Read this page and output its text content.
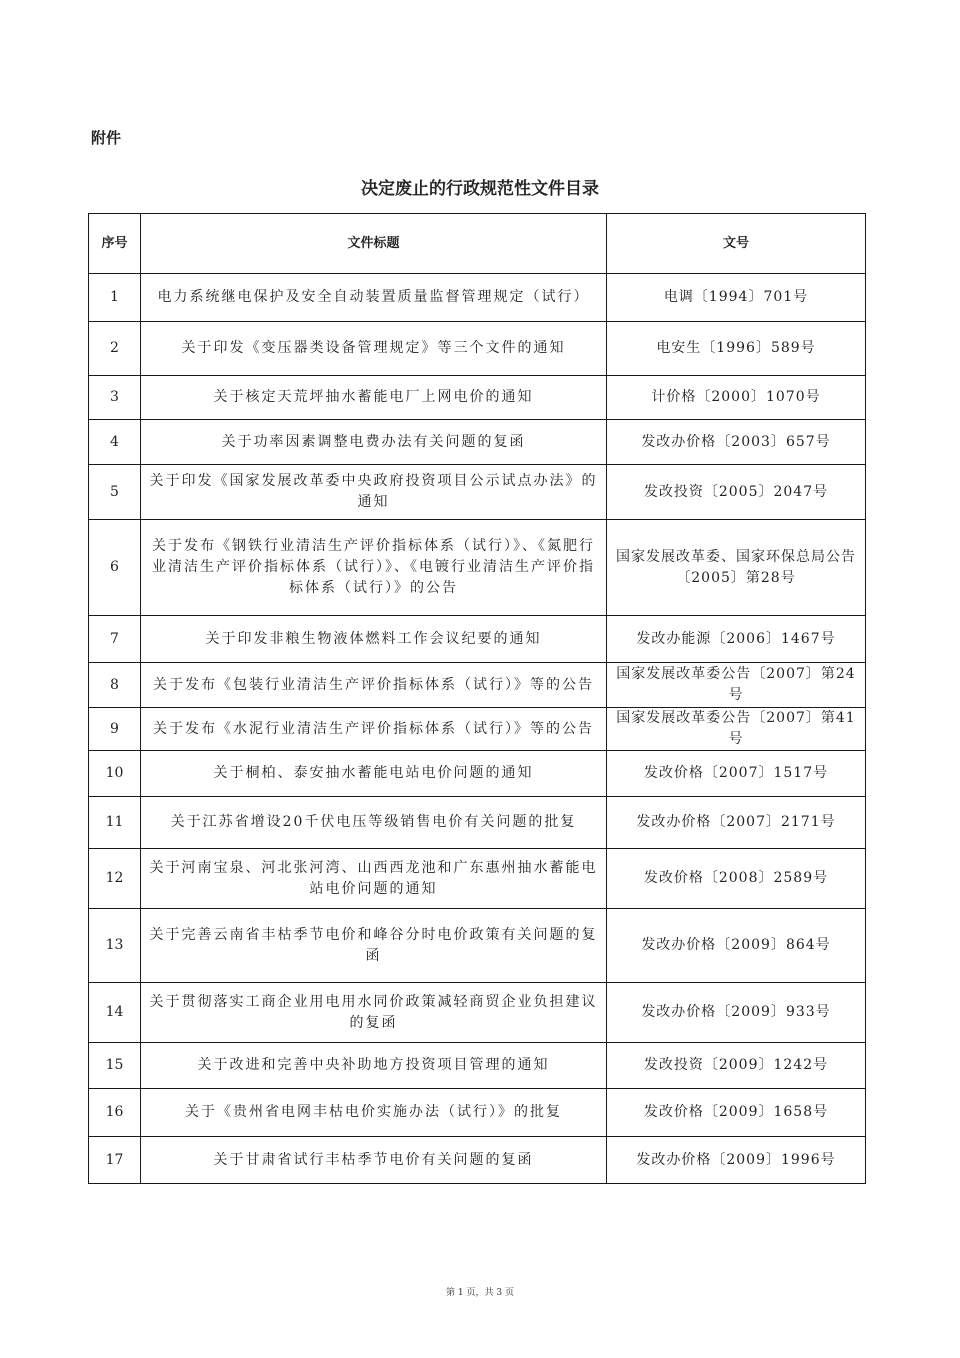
附件
决定废止的行政规范性文件目录
序号	文件标题	文号
1	电力系统继电保护及安全自动装置质量监督管理规定（试行）	电调〔1994〕701号
2	关于印发《变压器类设备管理规定》等三个文件的通知	电安生〔1996〕589号
3	关于核定天荒坪抽水蓄能电厂上网电价的通知	计价格〔2000〕1070号
4	关于功率因素调整电费办法有关问题的复函	发改办价格〔2003〕657号
5	关于印发《国家发展改革委中央政府投资项目公示试点办法》的通知	发改投资〔2005〕2047号
6	关于发布《钢铁行业清洁生产评价指标体系（试行）》、《氮肥行业清洁生产评价指标体系（试行）》、《电镀行业清洁生产评价指标体系（试行）》的公告	国家发展改革委、国家环保总局公告 〔2005〕第28号
7	关于印发非粮生物液体燃料工作会议纪要的通知	发改办能源〔2006〕1467号
8	关于发布《包装行业清洁生产评价指标体系（试行）》等的公告	国家发展改革委公告〔2007〕第24号
9	关于发布《水泥行业清洁生产评价指标体系（试行）》等的公告	国家发展改革委公告〔2007〕第41号
10	关于桐柏、泰安抽水蓄能电站电价问题的通知	发改价格〔2007〕1517号
11	关于江苏省增设20千伏电压等级销售电价有关问题的批复	发改办价格〔2007〕2171号
12	关于河南宝泉、河北张河湾、山西西龙池和广东惠州抽水蓄能电站电价问题的通知	发改价格〔2008〕2589号
13	关于完善云南省丰枯季节电价和峰谷分时电价政策有关问题的复函	发改办价格〔2009〕864号
14	关于贯彻落实工商企业用电用水同价政策减轻商贸企业负担建议的复函	发改办价格〔2009〕933号
15	关于改进和完善中央补助地方投资项目管理的通知	发改投资〔2009〕1242号
16	关于《贵州省电网丰枯电价实施办法（试行）》的批复	发改价格〔2009〕1658号
17	关于甘肃省试行丰枯季节电价有关问题的复函	发改办价格〔2009〕1996号
第 1 页，共 3 页
